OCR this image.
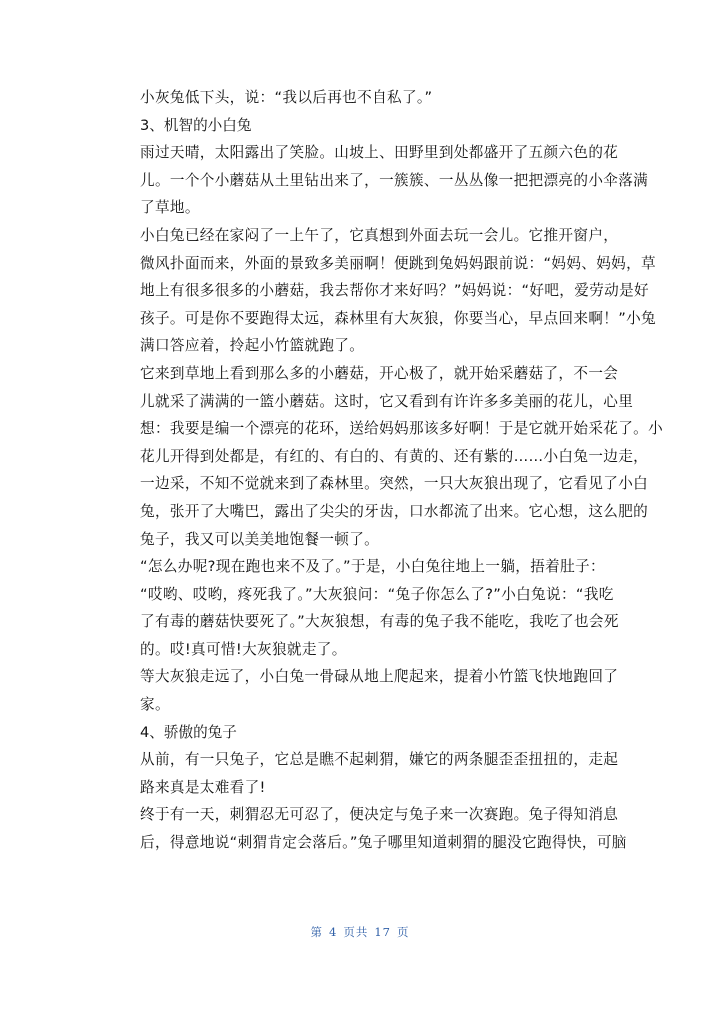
小灰兔低下头，说：“我以后再也不自私了。”

3、机智的小白兔

雨过天晴，太阳露出了笑脸。山坡上、田野里到处都盛开了五颜六色的花
儿。一个个小蘑菇从土里钻出来了，一簇簇、一丛丛像一把把漂亮的小伞落满
了草地。

小白兔已经在家闷了一上午了，它真想到外面去玩一会儿。它推开窗户，
微风扑面而来，外面的景致多美丽啊！便跳到兔妈妈跟前说：“妈妈、妈妈，草
地上有很多很多的小蘑菇，我去帮你才来好吗？”妈妈说：“好吧，爱劳动是好
孩子。可是你不要跑得太远，森林里有大灰狼，你要当心，早点回来啊！”小兔
满口答应着，拎起小竹篮就跑了。

它来到草地上看到那么多的小蘑菇，开心极了，就开始采蘑菇了，不一会
儿就采了满满的一篮小蘑菇。这时，它又看到有许许多多美丽的花儿，心里
想：我要是编一个漂亮的花环，送给妈妈那该多好啊！于是它就开始采花了。小
花儿开得到处都是，有红的、有白的、有黄的、还有紫的……小白兔一边走，
一边采，不知不觉就来到了森林里。突然，一只大灰狼出现了，它看见了小白
兔，张开了大嘴巴，露出了尖尖的牙齿，口水都流了出来。它心想，这么肥的
兔子，我又可以美美地饱餐一顿了。

“怎么办呢?现在跑也来不及了。”于是，小白兔往地上一躺，捂着肚子：
“哎哟、哎哟，疼死我了。”大灰狼问：“兔子你怎么了?”小白兔说：“我吃
了有毒的蘑菇快要死了。”大灰狼想，有毒的兔子我不能吃，我吃了也会死
的。哎!真可惜!大灰狼就走了。

等大灰狼走远了，小白兔一骨碌从地上爬起来，提着小竹篮飞快地跑回了
家。

4、骄傲的兔子

从前，有一只兔子，它总是瞧不起刺猬，嫌它的两条腿歪歪扭扭的，走起
路来真是太难看了!

终于有一天，刺猬忍无可忍了，便决定与兔子来一次赛跑。兔子得知消息
后，得意地说“刺猬肯定会落后。”兔子哪里知道刺猬的腿没它跑得快，可脑

第 4 页共 17 页
